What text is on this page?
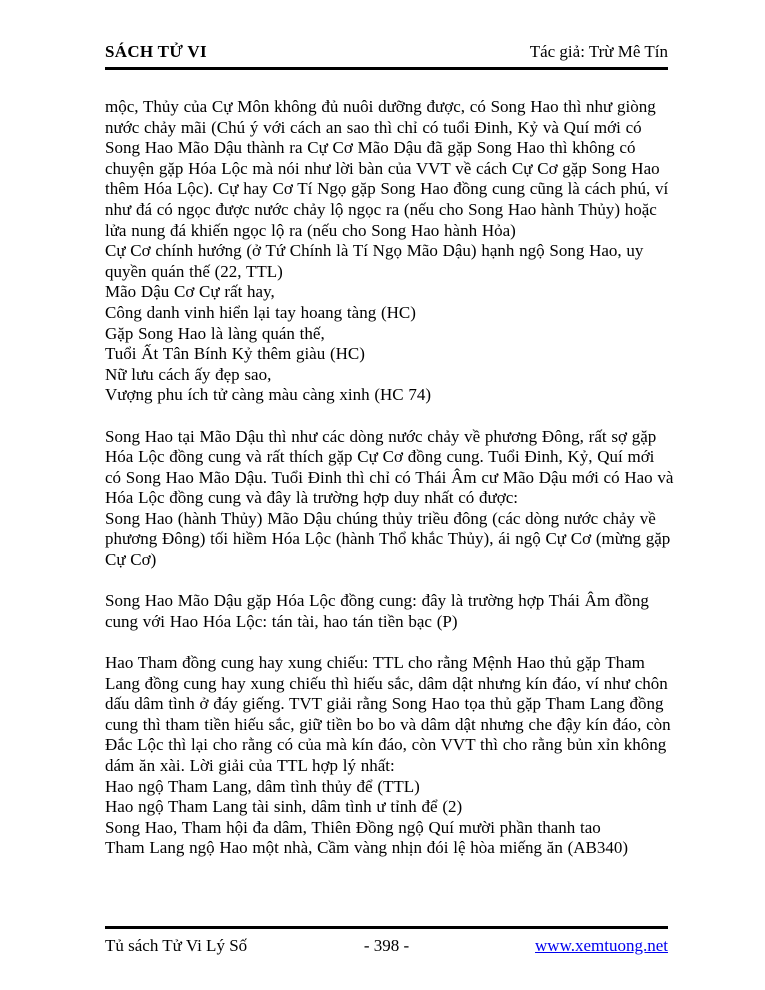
SÁCH TỬ VI	Tác giả: Trừ Mê Tín
mộc, Thủy của Cự Môn không đủ nuôi dưỡng được, có Song Hao thì như giòng
nước chảy mãi (Chú ý với cách an sao thì chỉ có tuổi Đinh, Kỷ và Quí mới có
Song Hao Mão Dậu thành ra Cự Cơ Mão Dậu đã gặp Song Hao thì không có
chuyện gặp Hóa Lộc mà nói như lời bàn của VVT về cách Cự Cơ gặp Song Hao
thêm Hóa Lộc). Cự hay Cơ Tí Ngọ gặp Song Hao đồng cung cũng là cách phú, ví
như đá có ngọc được nước chảy lộ ngọc ra (nếu cho Song Hao hành Thủy) hoặc
lửa nung đá khiến ngọc lộ ra (nếu cho Song Hao hành Hỏa)
Cự Cơ chính hướng (ở Tứ Chính là Tí Ngọ Mão Dậu) hạnh ngộ Song Hao, uy
quyền quán thế (22, TTL)
Mão Dậu Cơ Cự rất hay,
Công danh vinh hiển lại tay hoang tàng (HC)
Gặp Song Hao là làng quán thế,
Tuổi Ất Tân Bính Kỷ thêm giàu (HC)
Nữ lưu cách ấy đẹp sao,
Vượng phu ích tử càng màu càng xinh (HC 74)

Song Hao tại Mão Dậu thì như các dòng nước chảy về phương Đông, rất sợ gặp
Hóa Lộc đồng cung và rất thích gặp Cự Cơ đồng cung. Tuổi Đinh, Kỷ, Quí mới
có Song Hao Mão Dậu. Tuổi Đinh thì chỉ có Thái Âm cư Mão Dậu mới có Hao và
Hóa Lộc đồng cung và đây là trường hợp duy nhất có được:
Song Hao (hành Thủy) Mão Dậu chúng thủy triều đông (các dòng nước chảy về
phương Đông) tối hiềm Hóa Lộc (hành Thổ khắc Thủy), ái ngộ Cự Cơ (mừng gặp
Cự Cơ)

Song Hao Mão Dậu gặp Hóa Lộc đồng cung: đây là trường hợp Thái Âm đồng
cung với Hao Hóa Lộc: tán tài, hao tán tiền bạc (P)

Hao Tham đồng cung hay xung chiếu: TTL cho rằng Mệnh Hao thủ gặp Tham
Lang đồng cung hay xung chiếu thì hiếu sắc, dâm dật nhưng kín đáo, ví như chôn
dấu dâm tình ở đáy giếng. TVT giải rằng Song Hao tọa thủ gặp Tham Lang đồng
cung thì tham tiền hiếu sắc, giữ tiền bo bo và dâm dật nhưng che đậy kín đáo, còn
Đắc Lộc thì lại cho rằng có của mà kín đáo, còn VVT thì cho rằng bủn xỉn không
dám ăn xài. Lời giải của TTL hợp lý nhất:
Hao ngộ Tham Lang, dâm tình thủy để (TTL)
Hao ngộ Tham Lang tài sinh, dâm tình ư tỉnh để (2)
Song Hao, Tham hội đa dâm, Thiên Đồng ngộ Quí mười phần thanh tao
Tham Lang ngộ Hao một nhà, Cầm vàng nhịn đói lệ hòa miếng ăn (AB340)
Tủ sách Tử Vi Lý Số	- 398 -	www.xemtuong.net
